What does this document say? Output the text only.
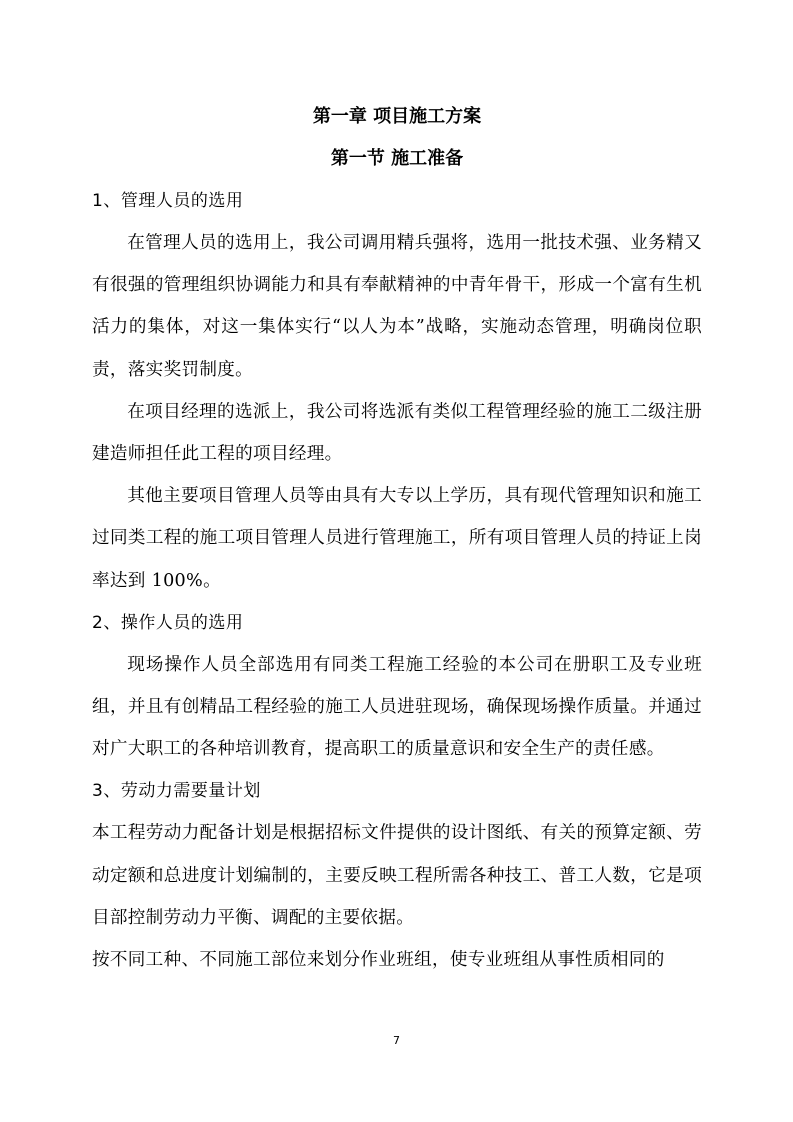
第一章 项目施工方案
第一节 施工准备
1、管理人员的选用

在管理人员的选用上，我公司调用精兵强将，选用一批技术强、业务精又有很强的管理组织协调能力和具有奉献精神的中青年骨干，形成一个富有生机活力的集体，对这一集体实行“以人为本”战略，实施动态管理，明确岗位职责，落实奖罚制度。

在项目经理的选派上，我公司将选派有类似工程管理经验的施工二级注册建造师担任此工程的项目经理。

其他主要项目管理人员等由具有大专以上学历，具有现代管理知识和施工过同类工程的施工项目管理人员进行管理施工，所有项目管理人员的持证上岗率达到 100%。

2、操作人员的选用

现场操作人员全部选用有同类工程施工经验的本公司在册职工及专业班组，并且有创精品工程经验的施工人员进驻现场，确保现场操作质量。并通过对广大职工的各种培训教育，提高职工的质量意识和安全生产的责任感。

3、劳动力需要量计划

本工程劳动力配备计划是根据招标文件提供的设计图纸、有关的预算定额、劳动定额和总进度计划编制的，主要反映工程所需各种技工、普工人数，它是项目部控制劳动力平衡、调配的主要依据。

按不同工种、不同施工部位来划分作业班组，使专业班组从事性质相同的

7
